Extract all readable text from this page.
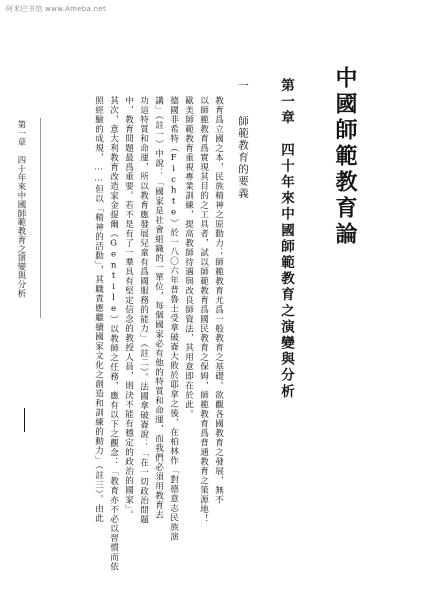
阿米巴书馆 www.Ameba.net
中國師範教育論
第一章　四十年來中國師範教育之演變與分析
一 師範教育的要義
教育爲立國之本，民族精神之原動力；師範教育尤爲一般教育之基礎。欲觀各國教育之發展，無不
以師範教育爲實現其目的之工具者，試以師範教育爲國民教育之保姆，師範教育爲普通教育之策源地！
歐美師範教育重視專業訓練，提高教師待遇與改良師資法，其用意即在於此。
德國非希特（Fichte）於一八〇六年普魯士受拿破崙大敗於耶拿之後，在柏林作「對德意志民族演
講」（註一）中說：「國家是社會組織的一單位，每個國家必有他的特質和命運，而我們必須用教育去
功這特質和命運，所以教育應發展兒童有爲國服務的能力」（註二）。法國拿破崙說：「在一切政治問題
中，教育問題最爲重要。若不是有了一羣具有堅定信念的教授人員，則決不能有穩定的政治的國家」。
其次，意大利教育改造家金提爾（Gentile）以教師之任務，應有以下之觀念：「教育亦不必以習慣而依
照經驗的成規，……但以「精神的活動」，其職責應繼續國家文化之創造和訓練的動力」（註三）。由此
第一章　四十年來中國師範教育之演變與分析
